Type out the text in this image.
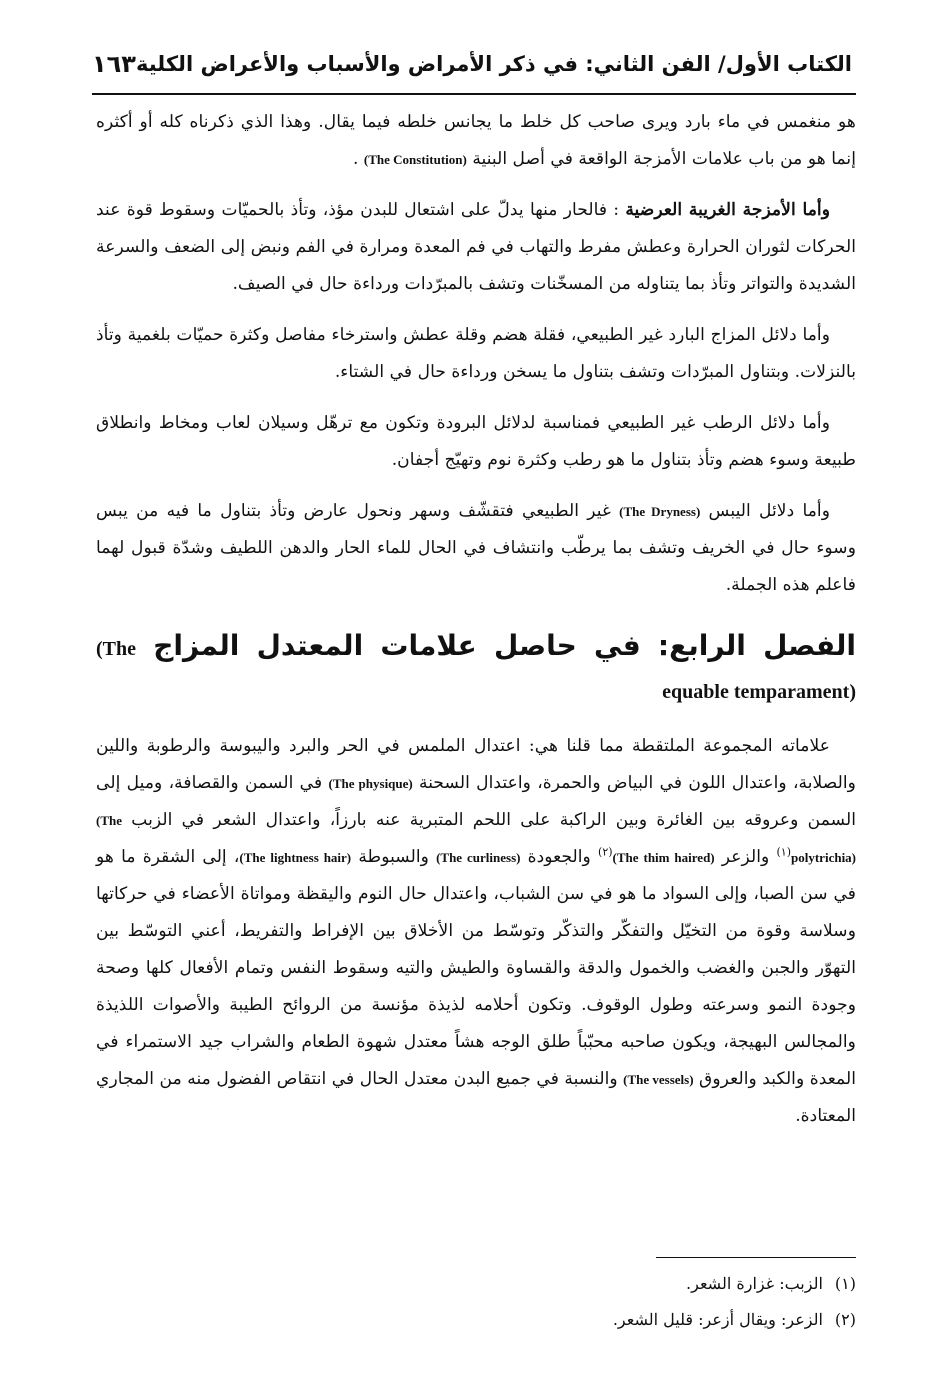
الكتاب الأول/ الفن الثاني: في ذكر الأمراض والأسباب والأعراض الكلية
١٦٣

هو منغمس في ماء بارد ويرى صاحب كل خلط ما يجانس خلطه فيما يقال. وهذا الذي ذكرناه كله أو أكثره إنما هو من باب علامات الأمزجة الواقعة في أصل البنية (The Constitution) .

وأما الأمزجة الغريبة العرضية : فالحار منها يدلّ على اشتعال للبدن مؤذ، وتأذ بالحميّات وسقوط قوة عند الحركات لثوران الحرارة وعطش مفرط والتهاب في فم المعدة ومرارة في الفم ونبض إلى الضعف والسرعة الشديدة والتواتر وتأذ بما يتناوله من المسخّنات وتشف بالمبرّدات ورداءة حال في الصيف.

وأما دلائل المزاج البارد غير الطبيعي، فقلة هضم وقلة عطش واسترخاء مفاصل وكثرة حميّات بلغمية وتأذ بالنزلات. وبتناول المبرّدات وتشف بتناول ما يسخن ورداءة حال في الشتاء.

وأما دلائل الرطب غير الطبيعي فمناسبة لدلائل البرودة وتكون مع ترهّل وسيلان لعاب ومخاط وانطلاق طبيعة وسوء هضم وتأذ بتناول ما هو رطب وكثرة نوم وتهيّج أجفان.

وأما دلائل اليبس (The Dryness) غير الطبيعي فتقشّف وسهر ونحول عارض وتأذ بتناول ما فيه من يبس وسوء حال في الخريف وتشف بما يرطّب وانتشاف في الحال للماء الحار والدهن اللطيف وشدّة قبول لهما فاعلم هذه الجملة.

الفصل الرابع: في حاصل علامات المعتدل المزاج (The equable temparament)

علاماته المجموعة الملتقطة مما قلنا هي: اعتدال الملمس في الحر والبرد واليبوسة والرطوبة واللين والصلابة، واعتدال اللون في البياض والحمرة، واعتدال السحنة (The physique) في السمن والقصافة، وميل إلى السمن وعروقه بين الغائرة وبين الراكبة على اللحم المتبرية عنه بارزاً، واعتدال الشعر في الزبب (The polytrichia)$^{(١)}$ والزعر (The thim haired)$^{(٢)}$ والجعودة (The curliness) والسبوطة (The lightness hair)، إلى الشقرة ما هو في سن الصبا، وإلى السواد ما هو في سن الشباب، واعتدال حال النوم واليقظة ومواتاة الأعضاء في حركاتها وسلاسة وقوة من التخيّل والتفكّر والتذكّر وتوسّط من الأخلاق بين الإفراط والتفريط، أعني التوسّط بين التهوّر والجبن والغضب والخمول والدقة والقساوة والطيش والتيه وسقوط النفس وتمام الأفعال كلها وصحة وجودة النمو وسرعته وطول الوقوف. وتكون أحلامه لذيذة مؤنسة من الروائح الطيبة والأصوات اللذيذة والمجالس البهيجة، ويكون صاحبه محبّباً طلق الوجه هشاً معتدل شهوة الطعام والشراب جيد الاستمراء في المعدة والكبد والعروق (The vessels) والنسبة في جميع البدن معتدل الحال في انتقاص الفضول منه من المجاري المعتادة.

(١)
الزبب: غزارة الشعر.
(٢)
الزعر: ويقال أزعر: قليل الشعر.
